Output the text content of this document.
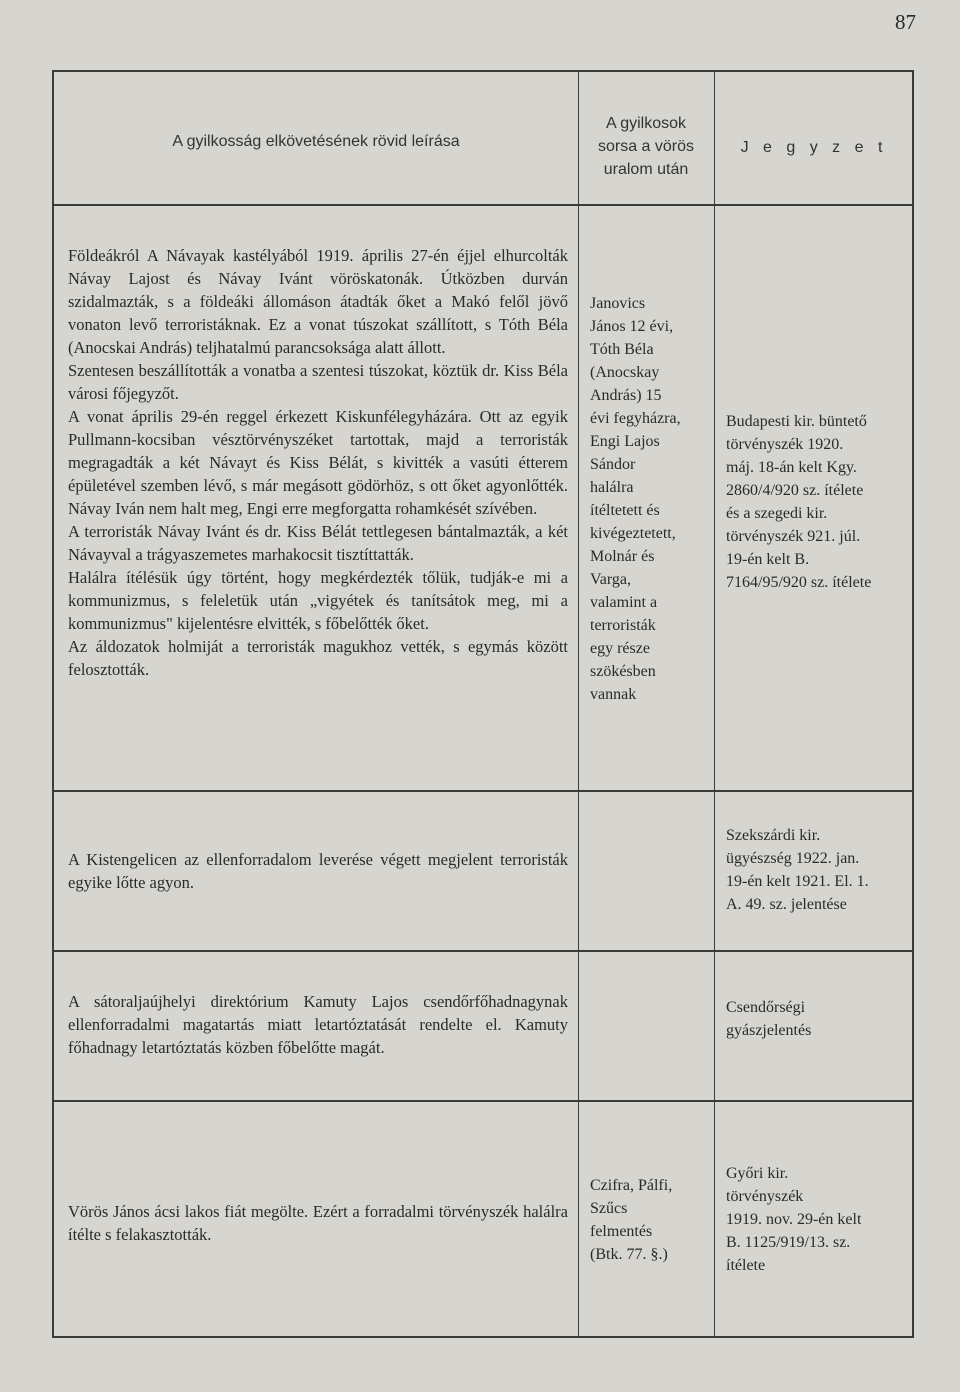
87
A gyilkosság elkövetésének rövid leírása
A gyilkosok
sorsa a vörös
uralom után
J e g y z e t

Földeákról A Návayak kastélyából 1919. április 27-én éjjel elhurcolták Návay Lajost és Návay Ivánt vöröskatonák. Útközben durván szidalmazták, s a földeáki állomáson átadták őket a Makó felől jövő vonaton levő terroristáknak. Ez a vonat túszokat szállított, s Tóth Béla (Anocskai András) teljhatalmú parancsoksága alatt állott.

Szentesen beszállították a vonatba a szentesi túszokat, köztük dr. Kiss Béla városi főjegyzőt.

A vonat április 29-én reggel érkezett Kiskunfélegyházára. Ott az egyik Pullmann-kocsiban vésztörvényszéket tartottak, majd a terroristák megragadták a két Návayt és Kiss Bélát, s kivitték a vasúti étterem épületével szemben lévő, s már megásott gödörhöz, s ott őket agyonlőtték. Návay Iván nem halt meg, Engi erre megforgatta rohamkését szívében.

A terroristák Návay Ivánt és dr. Kiss Bélát tettlegesen bántalmazták, a két Návayval a trágyaszemetes marhakocsit tisztíttatták.

Halálra ítélésük úgy történt, hogy megkérdezték tőlük, tudják-e mi a kommunizmus, s feleletük után „vigyétek és tanítsátok meg, mi a kommunizmus" kijelentésre elvitték, s főbelőtték őket.

Az áldozatok holmiját a terroristák magukhoz vették, s egymás között felosztották.

Janovics

János 12 évi,

Tóth Béla

(Anocskay

András) 15

évi fegyházra,

Engi Lajos

Sándor

halálra

ítéltetett és

kivégeztetett,

Molnár és

Varga,

valamint a

terroristák

egy része

szökésben

vannak

Budapesti kir. büntető

törvényszék 1920.

máj. 18-án kelt Kgy.

2860/4/920 sz. ítélete

és a szegedi kir.

törvényszék 921. júl.

19-én kelt B.

7164/95/920 sz. ítélete

A Kistengelicen az ellenforradalom leverése végett megjelent terroristák egyike lőtte agyon.

Szekszárdi kir.

ügyészség 1922. jan.

19-én kelt 1921. El. 1.

A. 49. sz. jelentése

A sátoraljaújhelyi direktórium Kamuty Lajos csendőrfőhadnagynak ellenforradalmi magatartás miatt letartóztatását rendelte el. Kamuty főhadnagy letartóztatás közben főbelőtte magát.

Csendőrségi

gyászjelentés

Vörös János ácsi lakos fiát megölte. Ezért a forradalmi törvényszék halálra ítélte s felakasztották.

Czifra, Pálfi,

Szűcs

felmentés

(Btk. 77. §.)

Győri kir.

törvényszék

1919. nov. 29-én kelt

B. 1125/919/13. sz.

ítélete
